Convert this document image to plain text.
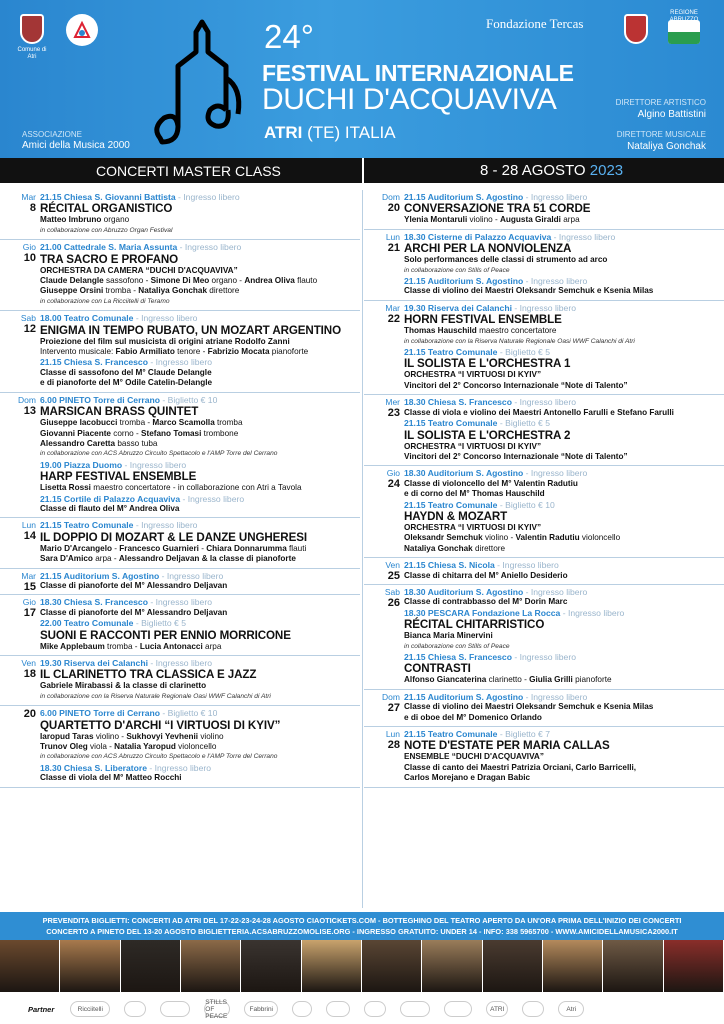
Comune di Atri
24°
FESTIVAL INTERNAZIONALE
DUCHI D'ACQUAVIVA
ATRI (TE) ITALIA
ASSOCIAZIONE
Amici della Musica 2000
Fondazione Tercas
REGIONE
DIRETTORE ARTISTICO
Algino Battistini
DIRETTORE MUSICALE
Nataliya Gonchak
CONCERTI MASTER CLASS	8 - 28 AGOSTO 2023
Mar
8
21.15 Chiesa S. Giovanni Battista - Ingresso libero
RÉCITAL ORGANISTICO
Matteo Imbruno organo
in collaborazione con Abruzzo Organ Festival
Gio
10
21.00 Cattedrale S. Maria Assunta - Ingresso libero
TRA SACRO E PROFANO
ORCHESTRA DA CAMERA “DUCHI D'ACQUAVIVA”
Claude Delangle sassofono - Simone Di Meo organo - Andrea Oliva flauto
Giuseppe Orsini tromba - Nataliya Gonchak direttore
in collaborazione con La Ricciitelli di Teramo
Sab
12
18.00 Teatro Comunale - Ingresso libero
ENIGMA IN TEMPO RUBATO, UN MOZART ARGENTINO
Proiezione del film sul musicista di origini atriane Rodolfo Zanni
Intervento musicale: Fabio Armiliato tenore - Fabrizio Mocata pianoforte
21.15 Chiesa S. Francesco - Ingresso libero
Classe di sassofono del M° Claude Delangle
e di pianoforte del M° Odile Catelin-Delangle
Dom
13
6.00 PINETO Torre di Cerrano - Biglietto € 10
MARSICAN BRASS QUINTET
Giuseppe Iacobucci tromba - Marco Scamolla tromba
Giovanni Piacente corno - Stefano Tomasi trombone
Alessandro Caretta basso tuba
in collaborazione con ACS Abruzzo Circuito Spettacolo e l'AMP Torre del Cerrano
19.00 Piazza Duomo - Ingresso libero
HARP FESTIVAL ENSEMBLE
Lisetta Rossi maestro concertatore - in collaborazione con Atri a Tavola
21.15 Cortile di Palazzo Acquaviva - Ingresso libero
Classe di flauto del M° Andrea Oliva
Lun
14
21.15 Teatro Comunale - Ingresso libero
IL DOPPIO DI MOZART & LE DANZE UNGHERESI
Mario D'Arcangelo - Francesco Guarnieri - Chiara Donnarumma flauti
Sara D'Amico arpa - Alessandro Deljavan & la classe di pianoforte
Mar
15
21.15 Auditorium S. Agostino - Ingresso libero
Classe di pianoforte del M° Alessandro Deljavan
Gio
17
18.30 Chiesa S. Francesco - Ingresso libero
Classe di pianoforte del M° Alessandro Deljavan
22.00 Teatro Comunale - Biglietto € 5
SUONI E RACCONTI PER ENNIO MORRICONE
Mike Applebaum tromba - Lucia Antonacci arpa
Ven
18
19.30 Riserva dei Calanchi - Ingresso libero
IL CLARINETTO TRA CLASSICA E JAZZ
Gabriele Mirabassi & la classe di clarinetto
in collaborazione con la Riserva Naturale Regionale Oasi WWF Calanchi di Atri
20 6.00 PINETO Torre di Cerrano - Biglietto € 10
QUARTETTO D'ARCHI “I VIRTUOSI DI KYIV”
Iaropud Taras violino - Sukhovyi Yevhenii violino
Trunov Oleg viola - Natalia Yaropud violoncello
in collaborazione con ACS Abruzzo Circuito Spettacolo e l'AMP Torre del Cerrano
18.30 Chiesa S. Liberatore - Ingresso libero
Classe di viola del M° Matteo Rocchi
Dom
20
21.15 Auditorium S. Agostino - Ingresso libero
CONVERSAZIONE TRA 51 CORDE
Ylenia Montaruli violino - Augusta Giraldi arpa
Lun
21
18.30 Cisterne di Palazzo Acquaviva - Ingresso libero
ARCHI PER LA NONVIOLENZA
Solo performances delle classi di strumento ad arco
in collaborazione con Stills of Peace
21.15 Auditorium S. Agostino - Ingresso libero
Classe di violino dei Maestri Oleksandr Semchuk e Ksenia Milas
Mar
22
19.30 Riserva dei Calanchi - Ingresso libero
HORN FESTIVAL ENSEMBLE
Thomas Hauschild maestro concertatore
in collaborazione con la Riserva Naturale Regionale Oasi WWF Calanchi di Atri
21.15 Teatro Comunale - Biglietto € 5
IL SOLISTA E L'ORCHESTRA 1
ORCHESTRA “I VIRTUOSI DI KYIV”
Vincitori del 2° Concorso Internazionale “Note di Talento”
Mer
23
18.30 Chiesa S. Francesco - Ingresso libero
Classe di viola e violino dei Maestri Antonello Farulli e Stefano Farulli
21.15 Teatro Comunale - Biglietto € 5
IL SOLISTA E L'ORCHESTRA 2
ORCHESTRA “I VIRTUOSI DI KYIV”
Vincitori del 2° Concorso Internazionale “Note di Talento”
Gio
24
18.30 Auditorium S. Agostino - Ingresso libero
Classe di violoncello del M° Valentin Radutiu
e di corno del M° Thomas Hauschild
21.15 Teatro Comunale - Biglietto € 10
HAYDN & MOZART
ORCHESTRA “I VIRTUOSI DI KYIV”
Oleksandr Semchuk violino - Valentin Radutiu violoncello
Nataliya Gonchak direttore
Ven
25
21.15 Chiesa S. Nicola - Ingresso libero
Classe di chitarra del M° Aniello Desiderio
Sab
26
18.30 Auditorium S. Agostino - Ingresso libero
Classe di contrabbasso del M° Dorin Marc
18.30 PESCARA Fondazione La Rocca - Ingresso libero
RÉCITAL CHITARRISTICO
Bianca Maria Minervini
in collaborazione con Stills of Peace
21.15 Chiesa S. Francesco - Ingresso libero
CONTRASTI
Alfonso Giancaterina clarinetto - Giulia Grilli pianoforte
Dom
27
21.15 Auditorium S. Agostino - Ingresso libero
Classe di violino dei Maestri Oleksandr Semchuk e Ksenia Milas
e di oboe del M° Domenico Orlando
Lun
28
21.15 Teatro Comunale - Biglietto € 7
NOTE D'ESTATE PER MARIA CALLAS
ENSEMBLE “DUCHI D'ACQUAVIVA”
Classe di canto dei Maestri Patrizia Orciani, Carlo Barricelli,
Carlos Morejano e Dragan Babic
PREVENDITA BIGLIETTI: CONCERTI AD ATRI DEL 17-22-23-24-28 AGOSTO CIAOTICKETS.COM - BOTTEGHINO DEL TEATRO APERTO DA UN'ORA PRIMA DELL'INIZIO DEI CONCERTI
CONCERTO A PINETO DEL 13-20 AGOSTO BIGLIETTERIA.ACSABRUZZOMOLISE.ORG - INGRESSO GRATUITO: UNDER 14 - INFO: 338 5965700 - WWW.AMICIDELLAMUSICA2000.IT
Partner	Ricciitelli
STILLS OF PEACE
Fabbrini	ATRI	Atri
